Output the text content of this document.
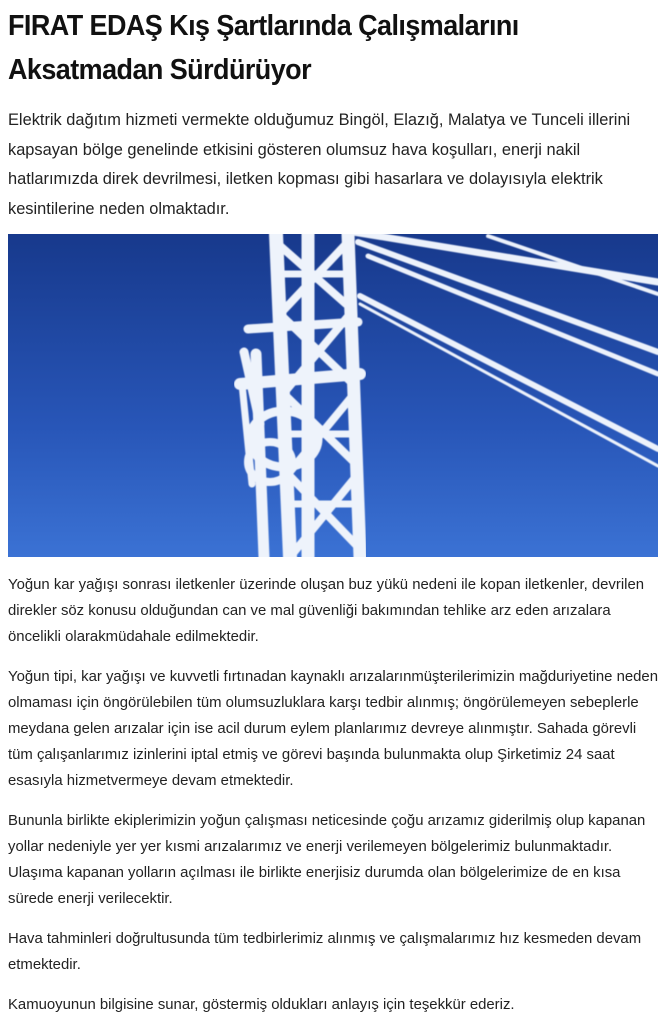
FIRAT EDAŞ Kış Şartlarında Çalışmalarını
Aksatmadan Sürdürüyor

Elektrik dağıtım hizmeti vermekte olduğumuz Bingöl, Elazığ, Malatya ve Tunceli illerini kapsayan bölge genelinde etkisini gösteren olumsuz hava koşulları, enerji nakil hatlarımızda direk devrilmesi, iletken kopması gibi hasarlara ve dolayısıyla elektrik kesintilerine neden olmaktadır.

Yoğun kar yağışı sonrası iletkenler üzerinde oluşan buz yükü nedeni ile kopan iletkenler, devrilen direkler söz konusu olduğundan can ve mal güvenliği bakımından tehlike arz eden arızalara öncelikli olarakmüdahale edilmektedir.

Yoğun tipi, kar yağışı ve kuvvetli fırtınadan kaynaklı arızalarınmüşterilerimizin mağduriyetine neden olmaması için öngörülebilen tüm olumsuzluklara karşı tedbir alınmış; öngörülemeyen sebeplerle meydana gelen arızalar için ise acil durum eylem planlarımız devreye alınmıştır. Sahada görevli tüm çalışanlarımız izinlerini iptal etmiş ve görevi başında bulunmakta olup Şirketimiz 24 saat esasıyla hizmetvermeye devam etmektedir.

Bununla birlikte ekiplerimizin yoğun çalışması neticesinde çoğu arızamız giderilmiş olup kapanan yollar nedeniyle yer yer kısmi arızalarımız ve enerji verilemeyen bölgelerimiz bulunmaktadır. Ulaşıma kapanan yolların açılması ile birlikte enerjisiz durumda olan bölgelerimize de en kısa sürede enerji verilecektir.

Hava tahminleri doğrultusunda tüm tedbirlerimiz alınmış ve çalışmalarımız hız kesmeden devam etmektedir.

Kamuoyunun bilgisine sunar, göstermiş oldukları anlayış için teşekkür ederiz.
